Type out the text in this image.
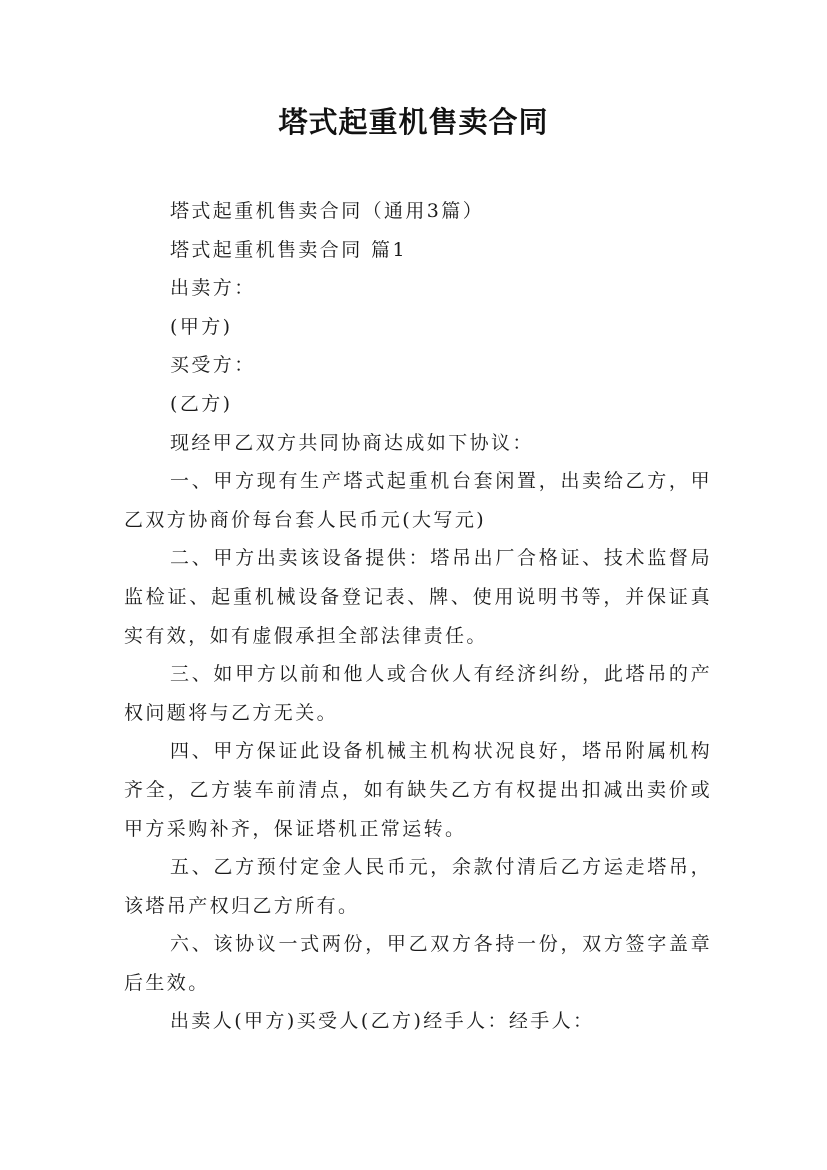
塔式起重机售卖合同

塔式起重机售卖合同（通用3篇）

塔式起重机售卖合同 篇1

出卖方：

(甲方)

买受方：

(乙方)

现经甲乙双方共同协商达成如下协议：

一、甲方现有生产塔式起重机台套闲置，出卖给乙方，甲乙双方协商价每台套人民币元(大写元)

二、甲方出卖该设备提供：塔吊出厂合格证、技术监督局监检证、起重机械设备登记表、牌、使用说明书等，并保证真实有效，如有虚假承担全部法律责任。

三、如甲方以前和他人或合伙人有经济纠纷，此塔吊的产权问题将与乙方无关。

四、甲方保证此设备机械主机构状况良好，塔吊附属机构齐全，乙方装车前清点，如有缺失乙方有权提出扣减出卖价或甲方采购补齐，保证塔机正常运转。

五、乙方预付定金人民币元，余款付清后乙方运走塔吊，该塔吊产权归乙方所有。

六、该协议一式两份，甲乙双方各持一份，双方签字盖章后生效。

出卖人(甲方)买受人(乙方)经手人：经手人：
